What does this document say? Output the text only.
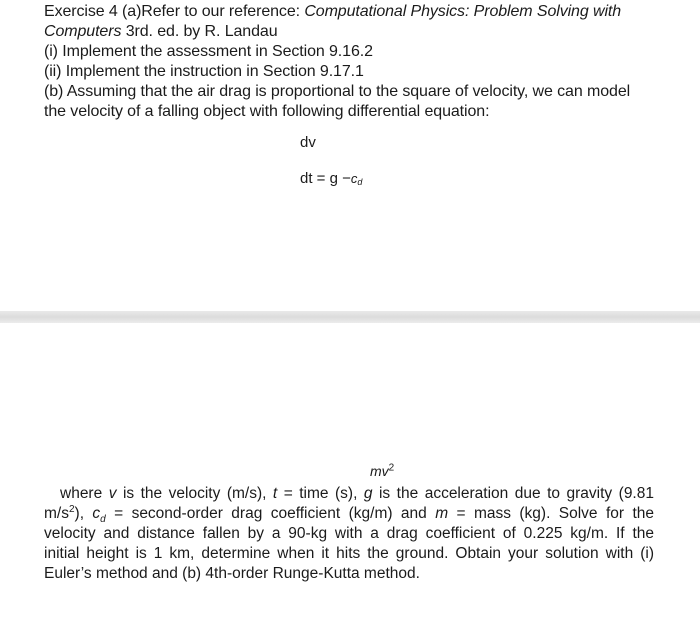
Exercise 4 (a)Refer to our reference: Computational Physics: Problem Solving with
Computers 3rd. ed. by R. Landau
(i) Implement the assessment in Section 9.16.2
(ii) Implement the instruction in Section 9.17.1
(b) Assuming that the air drag is proportional to the square of velocity, we can model
the velocity of a falling object with following differential equation:
dv
dt = $g -c_d$
$mv^2$
where v is the velocity (m/s), t = time (s), g is the acceleration due to gravity (9.81
$m/s^2$), $c_d$ = second-order drag coefficient (kg/m) and m = mass (kg). Solve for the
velocity and distance fallen by a 90-kg with a drag coefficient of 0.225 kg/m. If the
initial height is 1 km, determine when it hits the ground. Obtain your solution with (i)
Euler’s method and (b) 4th-order Runge-Kutta method.
